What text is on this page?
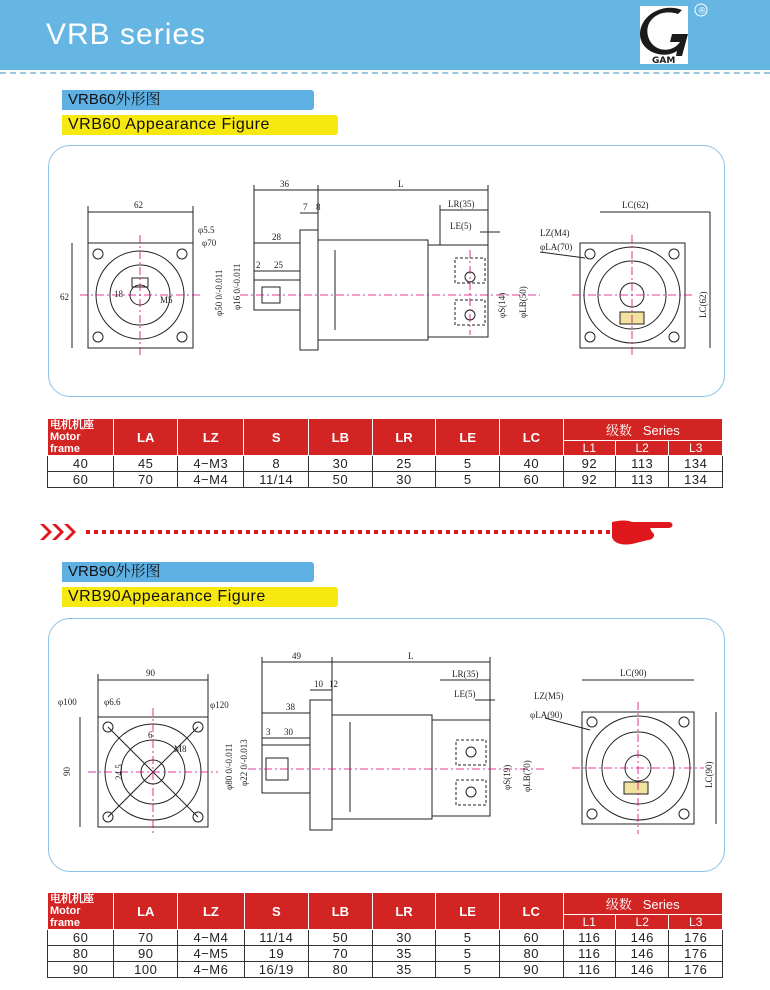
VRB series
GAM
®
VRB60外形图
VRB60 Appearance Figure
62
φ5.5
φ70
62	M5
18
36	L
7 8
28
2 25
φ16 0/-0.011
φ50 0/-0.011
LR(35)
LE(5)
φS(14) φLB(50)
LZ(M4)
φLA(70)
LC(62)
LC(62)
电机机座
Motor frame	LA	LZ	S	LB	LR	LE	LC	级数 Series		
								L1	L2	L3
40	45	4−M3	8	30	25	5	40	92	113	134
60	70	4−M4	11/14	50	30	5	60	92	113	134
VRB90外形图
VRB90Appearance Figure
90
φ100	φ6.6	φ120
90
M8
24.5
6
49	L
10 12
38
3 30
φ22 0/-0.013
φ80 0/-0.011
LR(35)
LE(5)
φS(19) φLB(70)
LZ(M5)
φLA(90)
LC(90)
LC(90)
电机机座
Motor frame	LA	LZ	S	LB	LR	LE	LC	级数 Series		
								L1	L2	L3
60	70	4−M4	11/14	50	30	5	60	116	146	176
80	90	4−M5	19	70	35	5	80	116	146	176
90	100	4−M6	16/19	80	35	5	90	116	146	176
